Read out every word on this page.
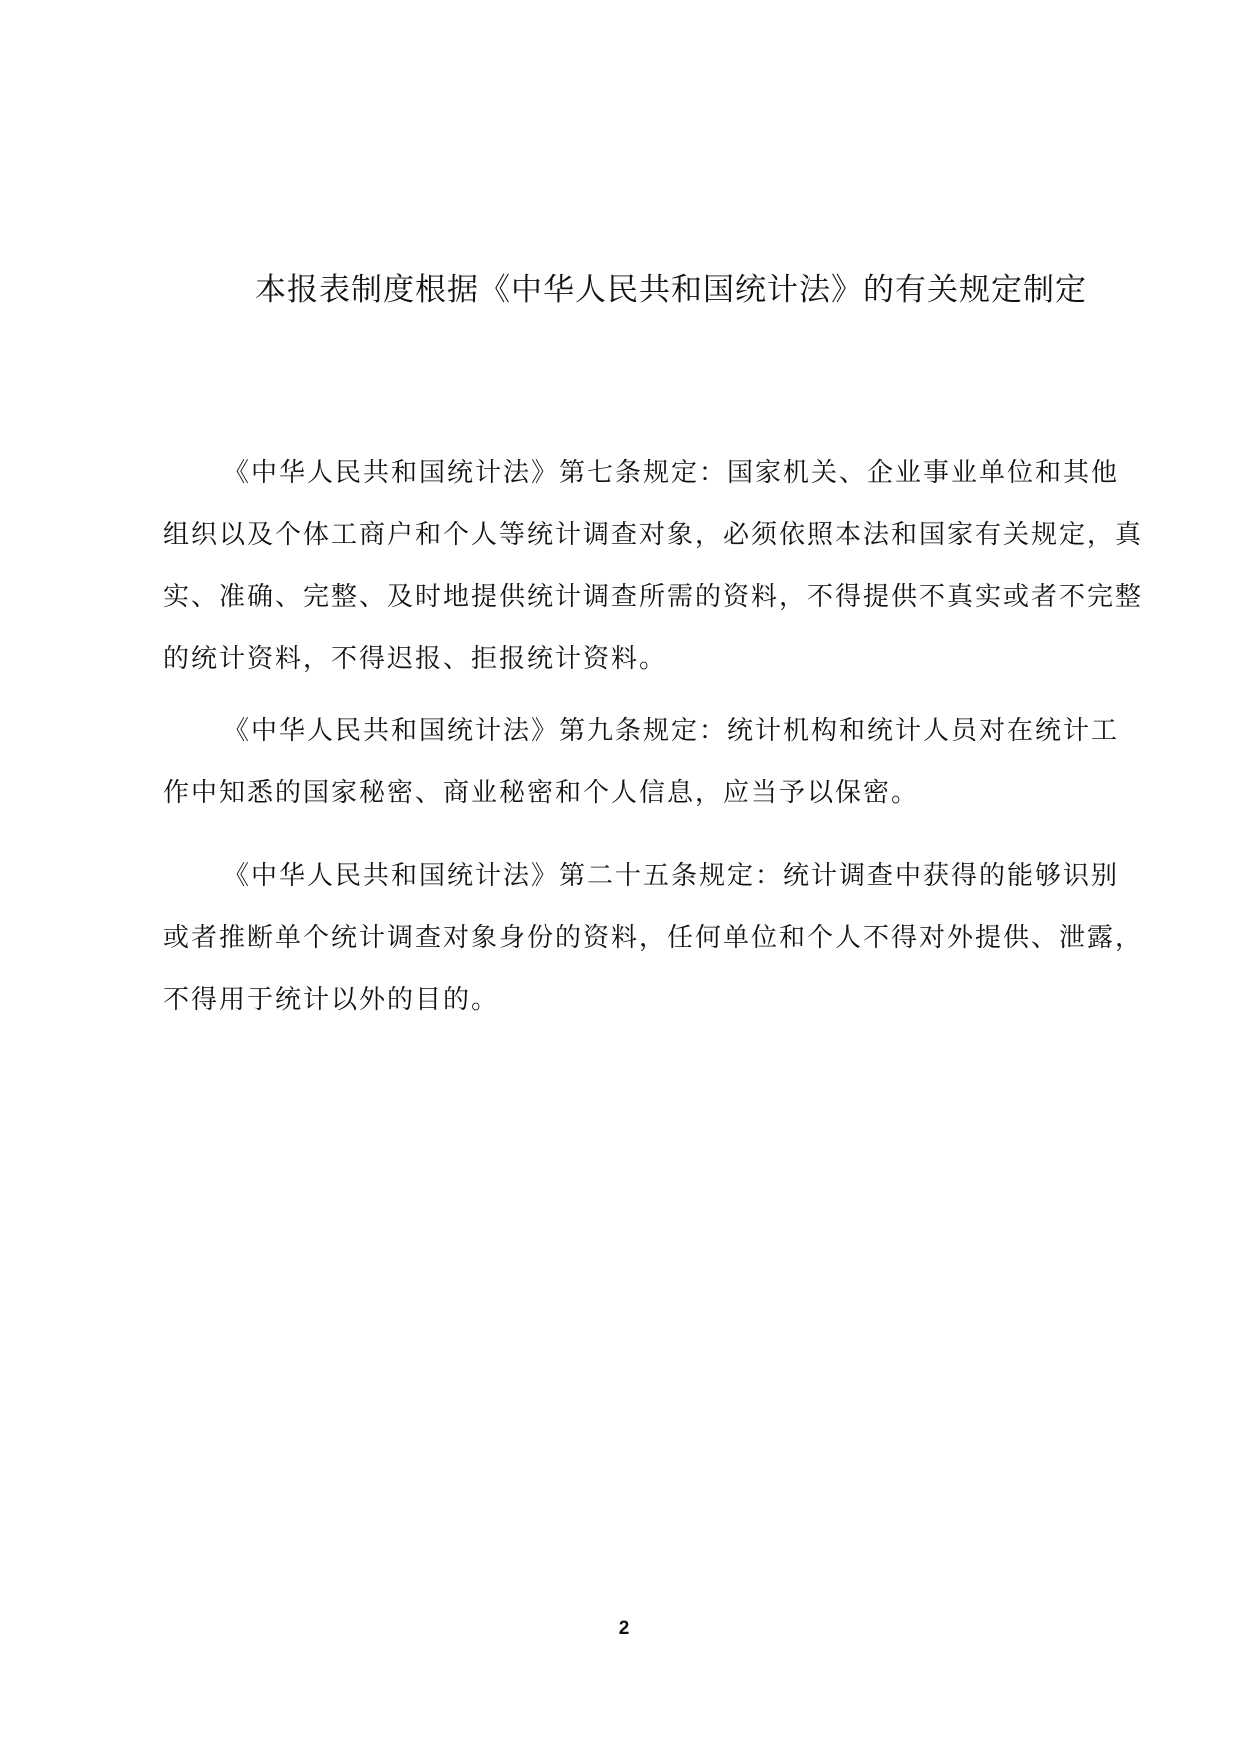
本报表制度根据《中华人民共和国统计法》的有关规定制定

《中华人民共和国统计法》第七条规定：国家机关、企业事业单位和其他组织以及个体工商户和个人等统计调查对象，必须依照本法和国家有关规定，真实、准确、完整、及时地提供统计调查所需的资料，不得提供不真实或者不完整的统计资料，不得迟报、拒报统计资料。

《中华人民共和国统计法》第九条规定：统计机构和统计人员对在统计工作中知悉的国家秘密、商业秘密和个人信息，应当予以保密。

《中华人民共和国统计法》第二十五条规定：统计调查中获得的能够识别或者推断单个统计调查对象身份的资料，任何单位和个人不得对外提供、泄露，不得用于统计以外的目的。

2
